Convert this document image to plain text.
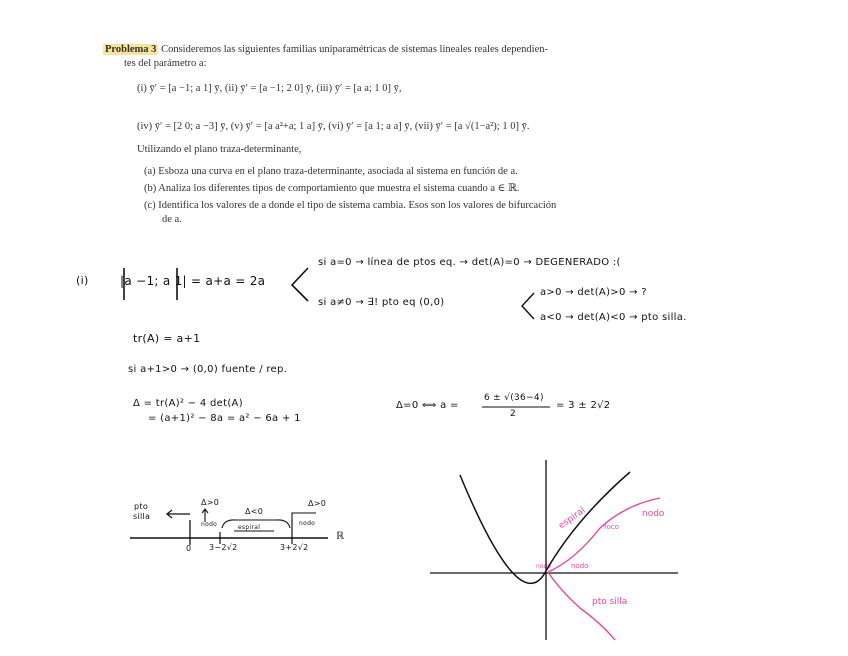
Problema 3 Consideremos las siguientes familias uniparamétricas de sistemas lineales reales dependien-
tes del parámetro a:
(i) ȳ′ = [a −1; a 1] ȳ, (ii) ȳ′ = [a −1; 2 0] ȳ, (iii) ȳ′ = [a a; 1 0] ȳ,
(iv) ȳ′ = [2 0; a −3] ȳ, (v) ȳ′ = [a a²+a; 1 a] ȳ, (vi) ȳ′ = [a 1; a a] ȳ, (vii) ȳ′ = [a √(1−a²); 1 0] ȳ.
Utilizando el plano traza-determinante,
(a) Esboza una curva en el plano traza-determinante, asociada al sistema en función de a.
(b) Analiza los diferentes tipos de comportamiento que muestra el sistema cuando a ∈ ℝ.
(c) Identifica los valores de a donde el tipo de sistema cambia. Esos son los valores de bifurcación
de a.
(i)	|a −1; a 1| = a+a = 2a
si a=0 → línea de ptos eq. → det(A)=0 → DEGENERADO :(
si a≠0 → ∃! pto eq (0,0)
a>0 → det(A)>0 → ?
a<0 → det(A)<0 → pto silla.
tr(A) = a+1
si a+1>0 → (0,0) fuente / rep.
Δ = tr(A)² − 4 det(A)
= (a+1)² − 8a = a² − 6a + 1
Δ=0 ⟺ a =
6 ± √(36−4)
2
= 3 ± 2√2
pto
silla
Δ>0
Δ<0
Δ>0
nodo	espiral
nodo
0 3−2√2	3+2√2
ℝ
espiral foco
nodo
nodo
nodo
pto silla
